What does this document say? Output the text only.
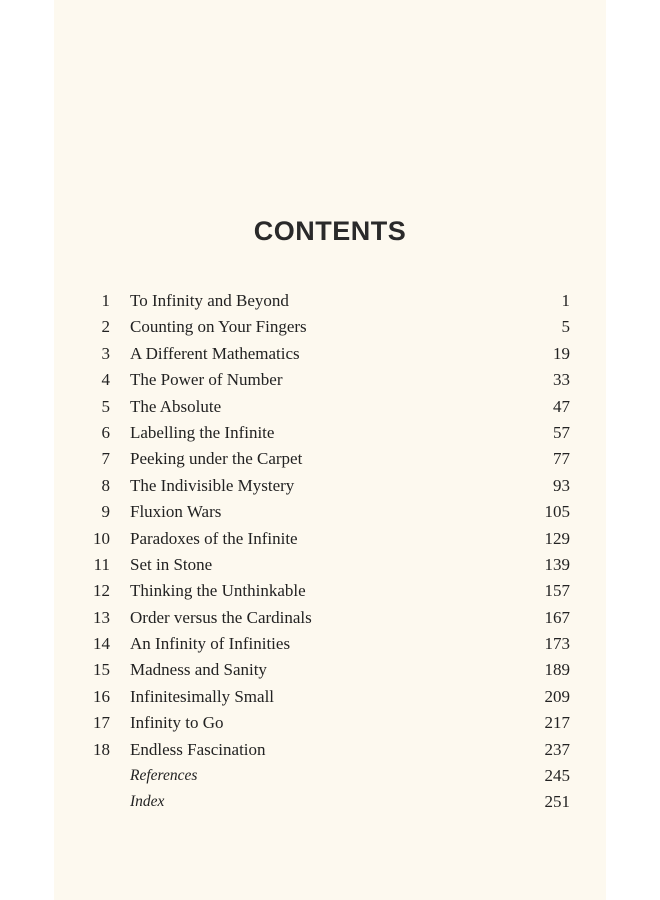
CONTENTS
1 To Infinity and Beyond	1
2 Counting on Your Fingers	5
3 A Different Mathematics	19
4 The Power of Number	33
5 The Absolute	47
6 Labelling the Infinite	57
7 Peeking under the Carpet	77
8 The Indivisible Mystery	93
9 Fluxion Wars	105
10 Paradoxes of the Infinite	129
11 Set in Stone	139
12 Thinking the Unthinkable	157
13 Order versus the Cardinals	167
14 An Infinity of Infinities	173
15 Madness and Sanity	189
16 Infinitesimally Small	209
17 Infinity to Go	217
18 Endless Fascination	237
References	245
Index	251
